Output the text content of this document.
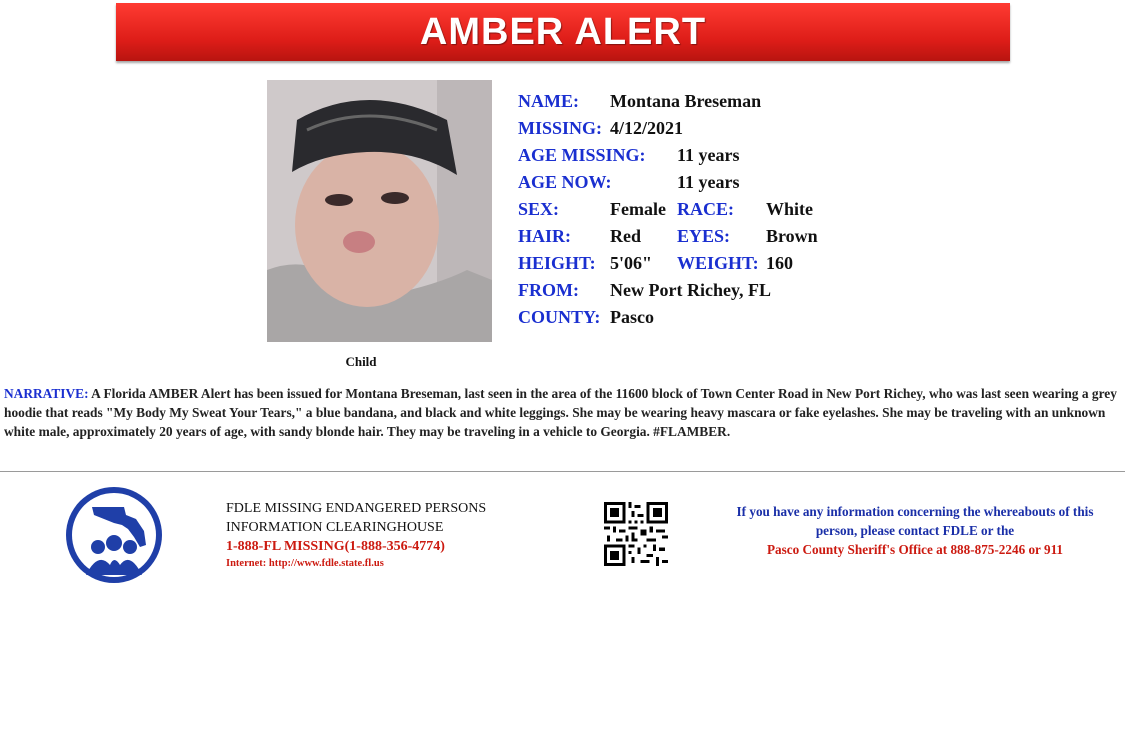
AMBER ALERT
Child
NAME: Montana Breseman
MISSING: 4/12/2021
AGE MISSING: 11 years
AGE NOW:	11 years
SEX:	Female RACE: White
HAIR: Red EYES: Brown
HEIGHT: 5'06" WEIGHT: 160
FROM: New Port Richey, FL
COUNTY: Pasco
NARRATIVE: A Florida AMBER Alert has been issued for Montana Breseman, last seen in the area of the 11600 block of Town Center Road in New Port Richey, who was last seen wearing a grey hoodie that reads "My Body My Sweat Your Tears," a blue bandana, and black and white leggings. She may be wearing heavy mascara or fake eyelashes. She may be traveling with an unknown white male, approximately 20 years of age, with sandy blonde hair. They may be traveling in a vehicle to Georgia. #FLAMBER.
FDLE MISSING ENDANGERED PERSONS
INFORMATION CLEARINGHOUSE
1-888-FL MISSING(1-888-356-4774)
Internet: http://www.fdle.state.fl.us
If you have any information concerning the whereabouts of this
person, please contact FDLE or the
Pasco County Sheriff's Office at 888-875-2246 or 911
